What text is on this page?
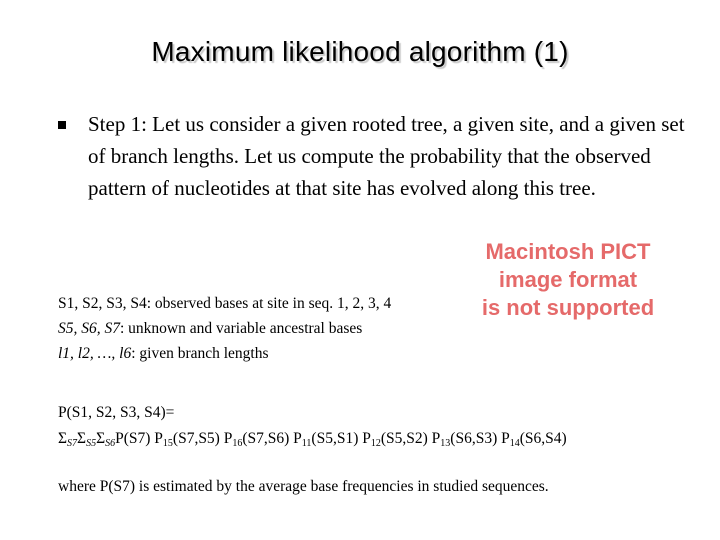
Maximum likelihood algorithm (1)
Step 1: Let us consider a given rooted tree, a given site, and a given set of branch lengths. Let us compute the probability that the observed pattern of nucleotides at that site has evolved along this tree.
Macintosh PICT
image format
is not supported
S1, S2, S3, S4: observed bases at site in seq. 1, 2, 3, 4
S5, S6, S7: unknown and variable ancestral bases
l1, l2, …, l6: given branch lengths
P(S1, S2, S3, S4)=
$\Sigma_{S7}\Sigma_{S5}\Sigma_{S6}P(S7)$ $P_{15}(S7,S5)$ $P_{16}(S7,S6)$ $P_{11}(S5,S1)$ $P_{12}(S5,S2)$ $P_{13}(S6,S3)$ $P_{14}(S6,S4)$
where P(S7) is estimated by the average base frequencies in studied sequences.
